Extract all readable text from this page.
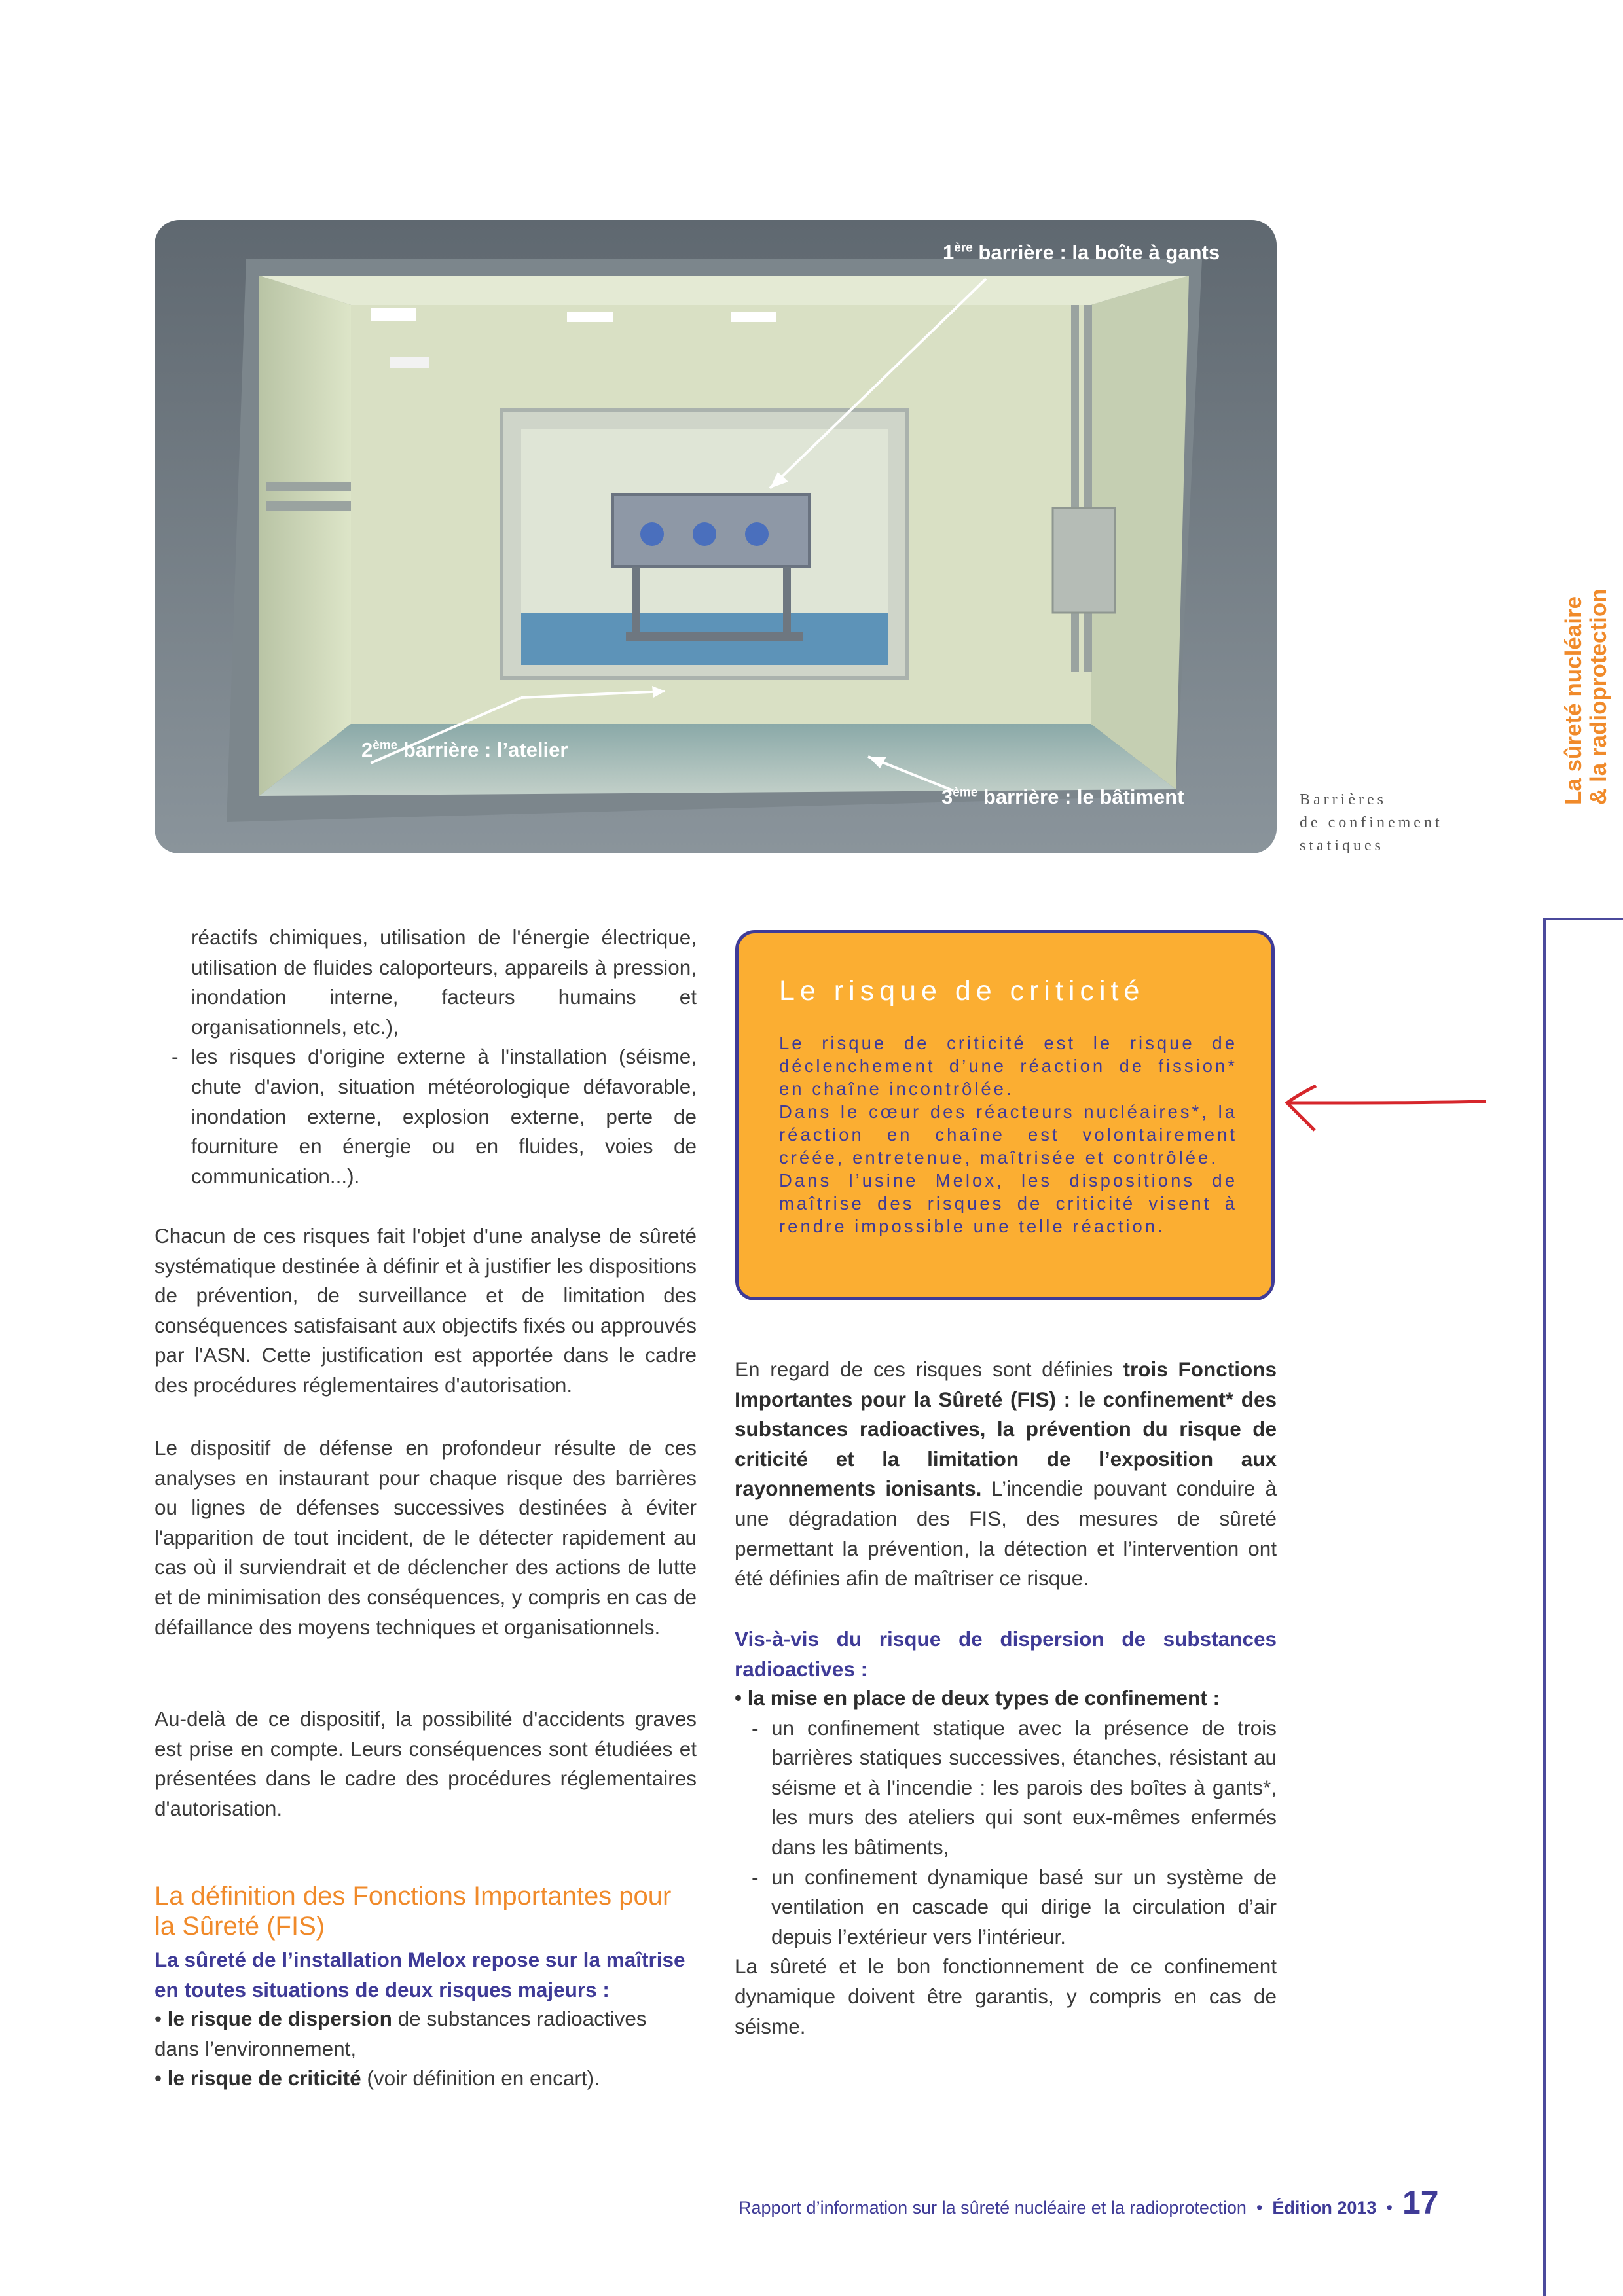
1ère barrière : la boîte à gants
2ème barrière : l’atelier
3ème barrière : le bâtiment	Barrières
de confinement
statiques
La sûreté nucléaire & la radioprotection
réactifs chimiques, utilisation de l'énergie électrique, utilisation de fluides caloporteurs, appareils à pression, inondation interne, facteurs humains et organisationnels, etc.),
- les risques d'origine externe à l'installation (séisme, chute d'avion, situation météorologique défavorable, inondation externe, explosion externe, perte de fourniture en énergie ou en fluides, voies de communication...).
Chacun de ces risques fait l'objet d'une analyse de sûreté systématique destinée à définir et à justifier les dispositions de prévention, de surveillance et de limitation des conséquences satisfaisant aux objectifs fixés ou approuvés par l'ASN. Cette justification est apportée dans le cadre des procédures réglementaires d'autorisation.
Le dispositif de défense en profondeur résulte de ces analyses en instaurant pour chaque risque des barrières ou lignes de défenses successives destinées à éviter l'apparition de tout incident, de le détecter rapidement au cas où il surviendrait et de déclencher des actions de lutte et de minimisation des conséquences, y compris en cas de défaillance des moyens techniques et organisationnels.
Au-delà de ce dispositif, la possibilité d'accidents graves est prise en compte. Leurs conséquences sont étudiées et présentées dans le cadre des procédures réglementaires d'autorisation.
La définition des Fonctions Importantes pour la Sûreté (FIS)
La sûreté de l’installation Melox repose sur la maîtrise en toutes situations de deux risques majeurs :
• le risque de dispersion de substances radioactives dans l’environnement,
• le risque de criticité (voir définition en encart).
Le risque de criticité
Le risque de criticité est le risque de déclenchement d’une réaction de fission* en chaîne incontrôlée.
Dans le cœur des réacteurs nucléaires*, la réaction en chaîne est volontairement créée, entretenue, maîtrisée et contrôlée.
Dans l’usine Melox, les dispositions de maîtrise des risques de criticité visent à rendre impossible une telle réaction.
En regard de ces risques sont définies trois Fonctions Importantes pour la Sûreté (FIS) : le confinement* des substances radioactives, la prévention du risque de criticité et la limitation de l’exposition aux rayonnements ionisants. L’incendie pouvant conduire à une dégradation des FIS, des mesures de sûreté permettant la prévention, la détection et l’intervention ont été définies afin de maîtriser ce risque.
Vis-à-vis du risque de dispersion de substances radioactives :
• la mise en place de deux types de confinement :
- un confinement statique avec la présence de trois barrières statiques successives, étanches, résistant au séisme et à l'incendie : les parois des boîtes à gants*, les murs des ateliers qui sont eux-mêmes enfermés dans les bâtiments,
- un confinement dynamique basé sur un système de ventilation en cascade qui dirige la circulation d’air depuis l’extérieur vers l’intérieur.
La sûreté et le bon fonctionnement de ce confinement dynamique doivent être garantis, y compris en cas de séisme.
Rapport d’information sur la sûreté nucléaire et la radioprotection • Édition 2013 • 17
